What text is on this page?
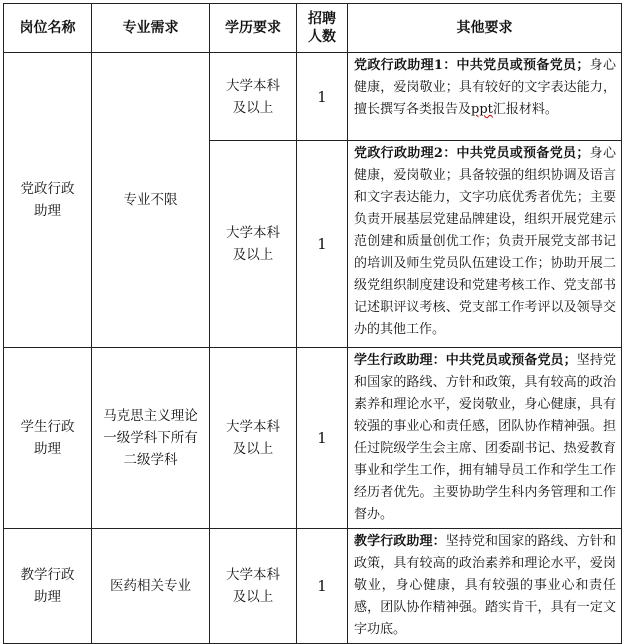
岗位名称	专业需求	学历要求	招聘人数	其他要求
党政行政助理	专业不限	大学本科及以上	1	党政行政助理1：中共党员或预备党员；身心健康，爱岗敬业；具有较好的文字表达能力，擅长撰写各类报告及ppt汇报材料。
		大学本科及以上	1	党政行政助理2：中共党员或预备党员；身心健康，爱岗敬业；具备较强的组织协调及语言和文字表达能力，文字功底优秀者优先；主要负责开展基层党建品牌建设，组织开展党建示范创建和质量创优工作；负责开展党支部书记的培训及师生党员队伍建设工作；协助开展二级党组织制度建设和党建考核工作、党支部书记述职评议考核、党支部工作考评以及领导交办的其他工作。
学生行政助理	马克思主义理论一级学科下所有二级学科	大学本科及以上	1	学生行政助理：中共党员或预备党员；坚持党和国家的路线、方针和政策，具有较高的政治素养和理论水平，爱岗敬业，身心健康，具有较强的事业心和责任感，团队协作精神强。担任过院级学生会主席、团委副书记、热爱教育事业和学生工作，拥有辅导员工作和学生工作经历者优先。主要协助学生科内务管理和工作督办。
教学行政助理	医药相关专业	大学本科及以上	1	教学行政助理：坚持党和国家的路线、方针和政策，具有较高的政治素养和理论水平，爱岗敬业，身心健康，具有较强的事业心和责任感，团队协作精神强。踏实肯干，具有一定文字功底。
